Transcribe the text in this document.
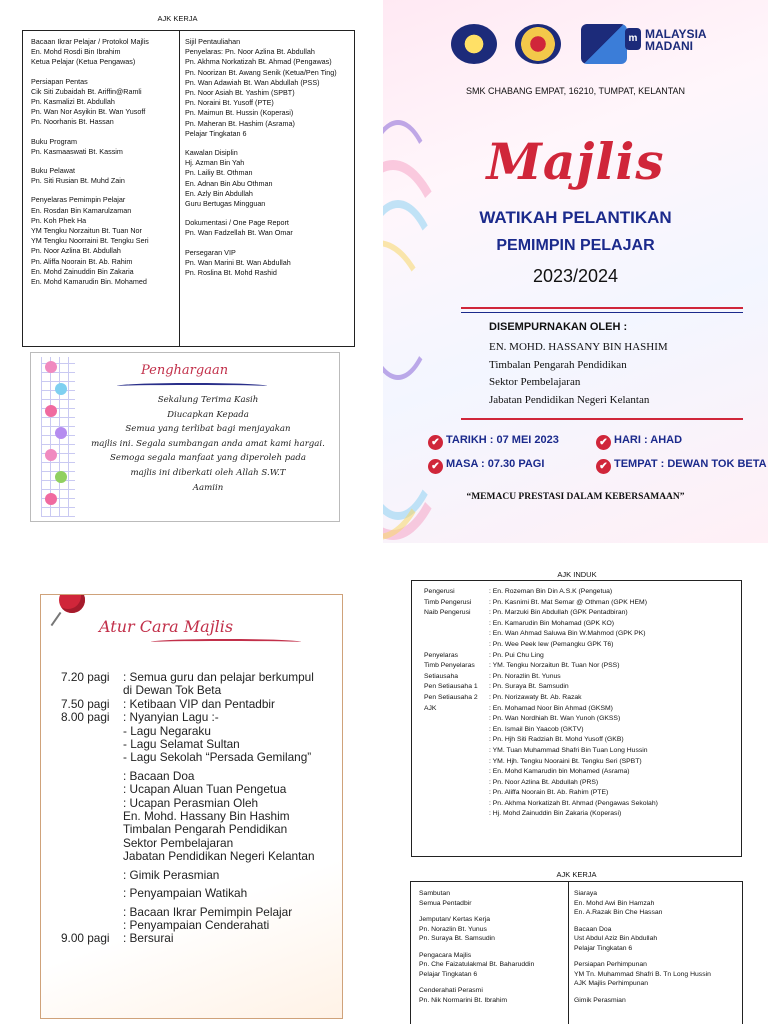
AJK KERJA
Bacaan Ikrar Pelajar / Protokol Majlis
En. Mohd Rosdi Bin Ibrahim
Ketua Pelajar (Ketua Pengawas)
Persiapan Pentas
Cik Siti Zubaidah Bt. Ariffin@Ramli
Pn. Kasmalizi Bt. Abdullah
Pn. Wan Nor Asyikin Bt. Wan Yusoff
Pn. Noorhanis Bt. Hassan
Buku Program
Pn. Kasmaaswati Bt. Kassim
Buku Pelawat
Pn. Siti Rusian Bt. Muhd Zain
Penyelaras Pemimpin Pelajar
En. Rosdan Bin Kamarulzaman
Pn. Koh Phek Ha
YM Tengku Norzaitun Bt. Tuan Nor
YM Tengku Noorraini Bt. Tengku Seri
Pn. Noor Azlina Bt. Abdullah
Pn. Aliffa Noorain Bt. Ab. Rahim
En. Mohd Zainuddin Bin Zakaria
En. Mohd Kamarudin Bin. Mohamed
Sijil Pentauliahan
Penyelaras: Pn. Noor Azlina Bt. Abdullah
Pn. Akhma Norkatizah Bt. Ahmad (Pengawas)
Pn. Noorizan Bt. Awang Senik (Ketua/Pen Ting)
Pn. Wan Adawiah Bt. Wan Abdullah (PSS)
Pn. Noor Asiah Bt. Yashim (SPBT)
Pn. Noraini Bt. Yusoff (PTE)
Pn. Maimun Bt. Hussin (Koperasi)
Pn. Maheran Bt. Hashim (Asrama)
Pelajar Tingkatan 6
Kawalan Disiplin
Hj. Azman Bin Yah
Pn. Lailiy Bt. Othman
En. Adnan Bin Abu Othman
En. Azly Bin Abdullah
Guru Bertugas Mingguan
Dokumentasi / One Page Report
Pn. Wan Fadzellah Bt. Wan Omar
Persegaran VIP
Pn. Wan Marini Bt. Wan Abdullah
Pn. Roslina Bt. Mohd Rashid
Penghargaan
Sekalung Terima Kasih
Diucapkan Kepada
Semua yang terlibat bagi menjayakan
majlis ini. Segala sumbangan anda amat kami hargai.
Semoga segala manfaat yang diperoleh pada
majlis ini diberkati oleh Allah S.W.T
Aamiin
m MALAYSIA
MADANI
SMK CHABANG EMPAT, 16210, TUMPAT, KELANTAN
Majlis
WATIKAH PELANTIKAN
PEMIMPIN PELAJAR
2023/2024
DISEMPURNAKAN OLEH :
EN. MOHD. HASSANY BIN HASHIM
Timbalan Pengarah Pendidikan
Sektor Pembelajaran
Jabatan Pendidikan Negeri Kelantan
✔ TARIKH : 07 MEI 2023	✔ HARI : AHAD
✔ MASA : 07.30 PAGI	✔ TEMPAT : DEWAN TOK BETA
“MEMACU PRESTASI DALAM KEBERSAMAAN”
Atur Cara Majlis
7.20 pagi	: Semua guru dan pelajar berkumpul
di Dewan Tok Beta
7.50 pagi	: Ketibaan VIP dan Pentadbir
8.00 pagi	: Nyanyian Lagu :-
- Lagu Negaraku
- Lagu Selamat Sultan
- Lagu Sekolah “Persada Gemilang”
: Bacaan Doa
: Ucapan Aluan Tuan Pengetua
: Ucapan Perasmian Oleh
En. Mohd. Hassany Bin Hashim
Timbalan Pengarah Pendidikan
Sektor Pembelajaran
Jabatan Pendidikan Negeri Kelantan
: Gimik Perasmian
: Penyampaian Watikah
: Bacaan Ikrar Pemimpin Pelajar
: Penyampaian Cenderahati
9.00 pagi	: Bersurai
AJK INDUK
Pengerusi	: En. Rozeman Bin Din A.S.K (Pengetua)
Timb Pengerusi	: Pn. Kasnimi Bt. Mat Semar @ Othman (GPK HEM)
Naib Pengerusi	: Pn. Marzuki Bin Abdullah (GPK Pentadbiran)
: En. Kamarudin Bin Mohamad (GPK KO)
: En. Wan Ahmad Saluwa Bin W.Mahmod (GPK PK)
: Pn. Wee Peek Iew (Pemangku GPK T6)
Penyelaras	: Pn. Pui Chu Ling
Timb Penyelaras	: YM. Tengku Norzaitun Bt. Tuan Nor (PSS)
Setiausaha	: Pn. Norazlin Bt. Yunus
Pen Setiausaha 1	: Pn. Suraya Bt. Samsudin
Pen Setiausaha 2	: Pn. Norizawaty Bt. Ab. Razak
AJK	: En. Mohamad Noor Bin Ahmad (GKSM)
: Pn. Wan Nordhiah Bt. Wan Yunoh (GKSS)
: En. Ismail Bin Yaacob (GKTV)
: Pn. Hjh Siti Radziah Bt. Mohd Yusoff (GKB)
: YM. Tuan Muhammad Shafri Bin Tuan Long Hussin
: YM. Hjh. Tengku Nooraini Bt. Tengku Seri (SPBT)
: En. Mohd Kamarudin bin Mohamed (Asrama)
: Pn. Noor Azlina Bt. Abdullah (PRS)
: Pn. Aliffa Noorain Bt. Ab. Rahim (PTE)
: Pn. Akhma Norkatizah Bt. Ahmad (Pengawas Sekolah)
: Hj. Mohd Zainuddin Bin Zakaria (Koperasi)
AJK KERJA
Sambutan
Semua Pentadbir
Jemputan/ Kertas Kerja
Pn. Norazlin Bt. Yunus
Pn. Suraya Bt. Samsudin
Pengacara Majlis
Pn. Che Faizatulakmal Bt. Baharuddin
Pelajar Tingkatan 6
Cenderahati Perasmi
Pn. Nik Normarini Bt. Ibrahim
Siaraya
En. Mohd Awi Bin Hamzah
En. A.Razak Bin Che Hassan
Bacaan Doa
Ust Abdul Aziz Bin Abdullah
Pelajar Tingkatan 6
Persiapan Perhimpunan
YM Tn. Muhammad Shafri B. Tn Long Hussin
AJK Majlis Perhimpunan
Gimik Perasmian
